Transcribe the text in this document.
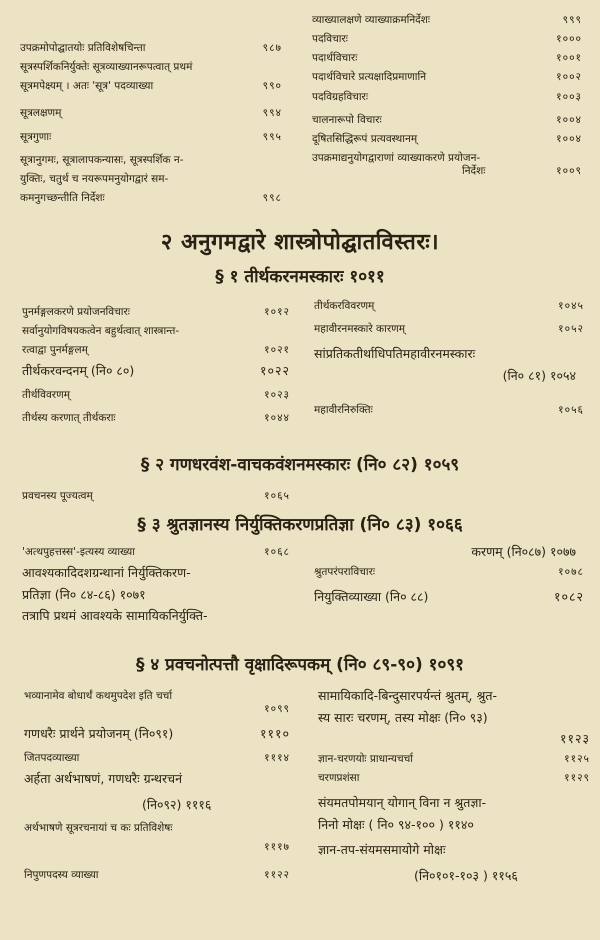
उपक्रमोपोद्घातयोः प्रतिविशेषचिन्ता	९८७
सूत्रस्पर्शिकनिर्युक्तेः सूत्रव्याख्यानरूपत्वात् प्रथमं
सूत्रमपेक्ष्यम् । अतः 'सूत्र' पदव्याख्या	९९०
सूत्रलक्षणम्	९९४
सूत्रगुणाः	९९५
सूत्रानुगमः, सूत्रालापकन्यासः, सूत्रस्पर्शिक न-
युक्तिः, चतुर्थ च नयरूपमनुयोगद्वारं सम-
कमनुगच्छन्तीति निर्देशः	९९८
व्याख्यालक्षणे व्याख्याक्रमनिर्देशः	९९९
पदविचारः	१०००
पदार्थविचारः	१००१
पदार्थविचारे प्रत्यक्षादिप्रमाणानि	१००२
पदविग्रहविचारः	१००३
चालनारूपो विचारः	१००४
दूषितसिद्धिरूपं प्रत्यवस्थानम्	१००४
उपक्रमाद्यनुयोगद्वाराणां व्याख्याकरणे प्रयोजन-
निर्देशः	१००९
२ अनुगमद्वारे शास्त्रोपोद्घातविस्तरः।
§ १ तीर्थकरनमस्कारः १०११
पुनर्मङ्गलकरणे प्रयोजनविचारः	१०१२
सर्वानुयोगविषयकत्वेन बहुर्थत्वात् शास्त्रान्त-
रत्वाद्वा पुनर्मङ्गलम्	१०२१
तीर्थकरवन्दनम् (नि० ८०)	१०२२
तीर्थविवरणम्	१०२३
तीर्थस्य करणात् तीर्थकराः	१०४४
तीर्थकरविवरणम्	१०४५
महावीरनमस्कारे कारणम्	१०५२
सांप्रतिकतीर्थाधिपतिमहावीरनमस्कारः
(नि० ८१) १०५४
महावीरनिरुक्तिः	१०५६
§ २ गणधरवंश-वाचकवंशनमस्कारः (नि० ८२) १०५९
प्रवचनस्य पूज्यत्वम्	१०६५
§ ३ श्रुतज्ञानस्य निर्युक्तिकरणप्रतिज्ञा (नि० ८३) १०६६
'अत्थपुहत्तस्स'-इत्यस्य व्याख्या	१०६८
आवश्यकादिदशग्रन्थानां निर्युक्तिकरण-
प्रतिज्ञा (नि० ८४-८६) १०७१
तत्रापि प्रथमं आवश्यके सामायिकनिर्युक्ति-
करणम् (नि०८७) १०७७
श्रुतपरंपराविचारः	१०७८
नियुक्तिव्याख्या (नि० ८८)	१०८२
§ ४ प्रवचनोत्पत्तौ वृक्षादिरूपकम् (नि० ८९-९०) १०९१
भव्यानामेव बोधार्थं कथमुपदेश इति चर्चा
१०९९
गणधरैः प्रार्थने प्रयोजनम् (नि०९१)	१११०
जितपदव्याख्या	१११४
अर्हता अर्थभाषणं, गणधरैः ग्रन्थरचनं
(नि०९२) १११६
अर्थभाषणे सूत्ररचनायां च कः प्रतिविशेषः
१११७
निपुणपदस्य व्याख्या	११२२
सामायिकादि-बिन्दुसारपर्यन्तं श्रुतम्, श्रुत-
स्य सारः चरणम्, तस्य मोक्षः (नि० ९३)
११२३
ज्ञान-चरणयोः प्राधान्यचर्चा	११२५
चरणप्रशंसा	११२९
संयमतपोमयान् योगान् विना न श्रुतज्ञा-
निनो मोक्षः ( नि० ९४-१०० ) ११४०
ज्ञान-तप-संयमसमायोगे मोक्षः
(नि०१०१-१०३ ) ११५६
